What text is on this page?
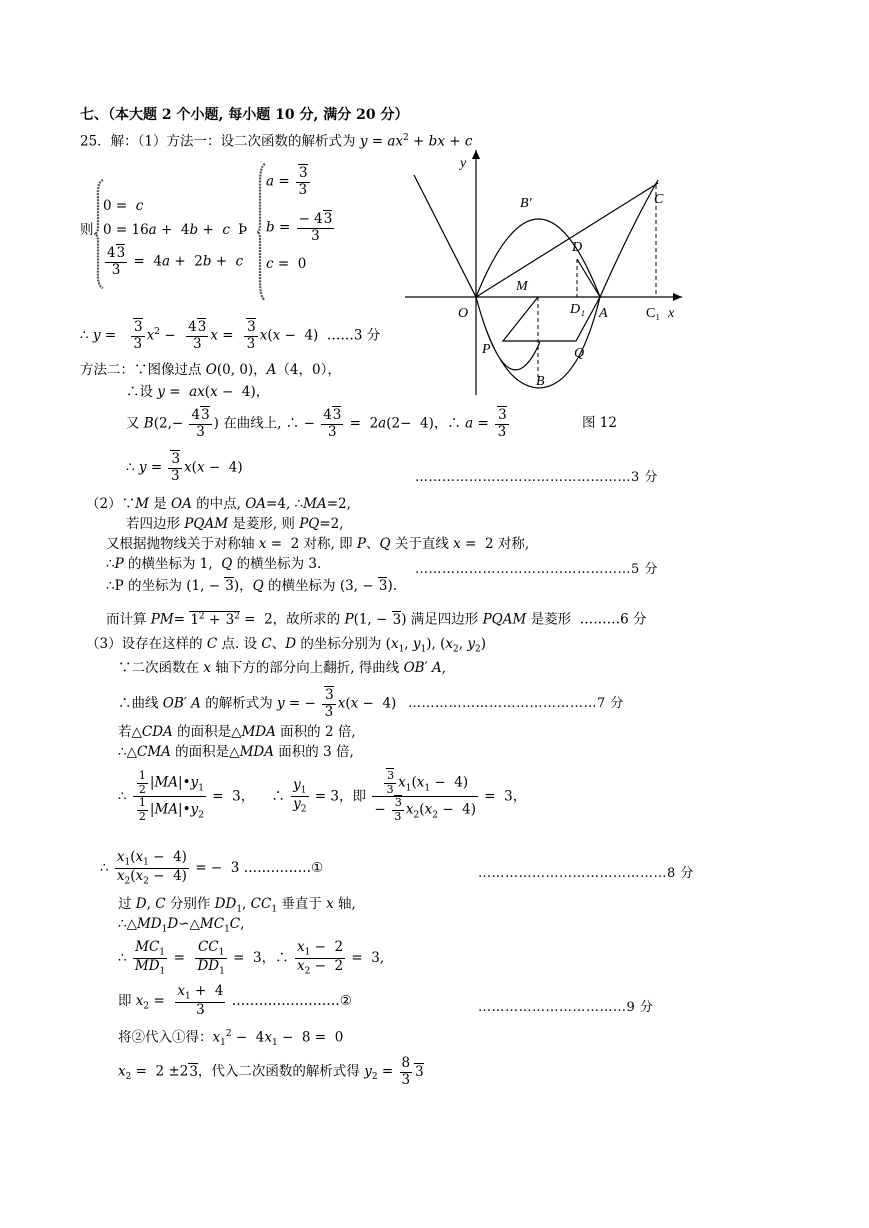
七、（本大题 2 个小题, 每小题 10 分, 满分 20 分）
25．解：（1）方法一：设二次函数的解析式为 $y = ax^2$ + bx + c
则
0 =  c
0 = 16a +  4b +  c
$\frac{43}{3} = 4a + 2b + c$
Þ
$a = \frac{3}{3}$
$b = \frac{- 43}{3}$
c =  0
∴ $y = \frac{3}{3} x^2 - \frac{43}{3}$ $x = \frac{3}{3} x(x - 4)$  ……3 分
方法二：∵图像过点 O(0, 0)，A（4，0），
∴设 y =  ax(x −  4)，
又 $B(2,- \frac{43}{3}$ ) 在曲线上, ∴ − $\frac{43}{3} = 2a(2- 4)$，∴ $a = \frac{3}{3}$
∴ $y = \frac{3}{3} x(x - 4)$
…………………………………………3 分
（2）∵M 是 OA 的中点, OA=4, ∴MA=2,
若四边形 PQAM 是菱形, 则 PQ=2,
又根据抛物线关于对称轴 x =  2 对称, 即 P、Q 关于直线 x =  2 对称,
∴P 的横坐标为 1,  Q 的横坐标为 3.	…………………………………………5 分
∴P 的坐标为 (1, − 3)，Q 的横坐标为 (3, − 3).
而计算 $PM= 1^2 + 3^2 = 2$，故所求的 P(1, − 3) 满足四边形 PQAM 是菱形  ………6 分
（3）设存在这样的 C 点. 设 C、D 的坐标分别为 ($x_1$, $y_1$), ($x_2$, $y_2$)
∵二次函数在 x 轴下方的部分向上翻折, 得曲线 OB′ A,
∴曲线 OB′ A 的解析式为 y = − $\frac{3}{3} x(x - 4)$ ……………………………………7 分
若△CDA 的面积是△MDA 面积的 2 倍,
∴△CMA 的面积是△MDA 面积的 3 倍,
∴ $\frac{\frac{1}{2} |MA|•y_1}{\frac{1}{2} |MA|•y_2} = 3$，    ∴ $\frac{y_1}{y_2} = 3$，即 $\frac{\frac{3}{3} x_1(x_1 - 4)}{- \frac{3}{3} x_2(x_2 - 4)} = 3$，
∴ $\frac{x_1(x_1 - 4)}{x_2(x_2 - 4)}$ = −  3 ……………①	……………………………………8 分
过 D, C 分别作 $DD_1$, $CC_1$ 垂直于 x 轴,
$\therefore\triangle MD_1D∽\triangle MC_1C$,
∴ $\frac{MC_1}{MD_1} = \frac{CC_1}{DD_1} = 3$，∴ $\frac{x_1 - 2}{x_2 - 2} = 3$,
即 $x_2 = \frac{x_1 + 4}{3}$ ……………………②	……………………………9 分
将②代入①得：$x_1^2 - 4x_1 - 8 = 0$
$x_2 = 2 \pm 23$，代入二次函数的解析式得 $y_2 = \frac{8}{3} 3$
y
x
O	C₁
A
D₁
M
D
C
B′
P	Q
B
图 12
